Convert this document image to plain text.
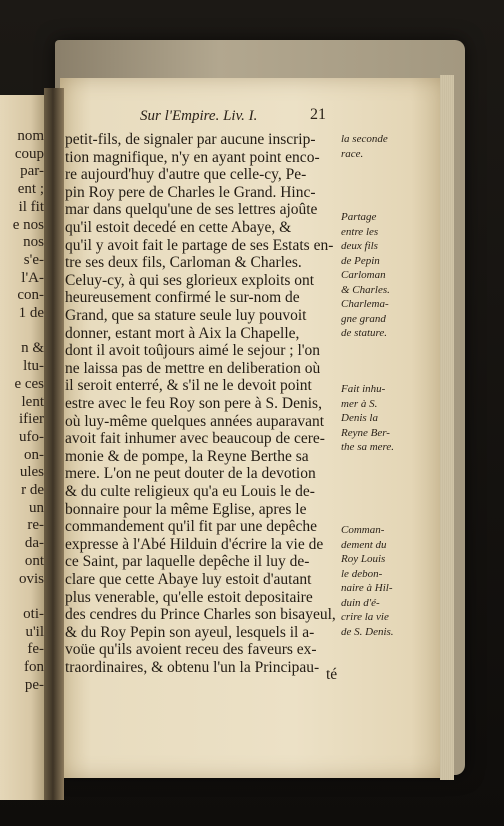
nom

coup

par-

ent ;

il fit

e nos

nos

s'e-

l'A-

con-

1 de

n &

ltu-

e ces

lent

ifier

ufo-

on-

ules

r de

un

re-

da-

ont

ovis

oti-

u'il

fe-

fon

pe-

Sur l'Empire. Liv. I.	21

petit-fils, de signaler par aucune inscrip-

tion magnifique, n'y en ayant point enco-

re aujourd'huy d'autre que celle-cy, Pe-

pin Roy pere de Charles le Grand. Hinc-

mar dans quelqu'une de ses lettres ajoûte

qu'il estoit decedé en cette Abaye, &

qu'il y avoit fait le partage de ses Estats en-

tre ses deux fils, Carloman & Charles.

Celuy-cy, à qui ses glorieux exploits ont

heureusement confirmé le sur-nom de

Grand, que sa stature seule luy pouvoit

donner, estant mort à Aix la Chapelle,

dont il avoit toûjours aimé le sejour ; l'on

ne laissa pas de mettre en deliberation où

il seroit enterré, & s'il ne le devoit point

estre avec le feu Roy son pere à S. Denis,

où luy-même quelques années auparavant

avoit fait inhumer avec beaucoup de cere-

monie & de pompe, la Reyne Berthe sa

mere. L'on ne peut douter de la devotion

& du culte religieux qu'a eu Louis le de-

bonnaire pour la même Eglise, apres le

commandement qu'il fit par une depêche

expresse à l'Abé Hilduin d'écrire la vie de

ce Saint, par laquelle depêche il luy de-

clare que cette Abaye luy estoit d'autant

plus venerable, qu'elle estoit depositaire

des cendres du Prince Charles son bisayeul,

& du Roy Pepin son ayeul, lesquels il a-

voüe qu'ils avoient receu des faveurs ex-

traordinaires, & obtenu l'un la Principau- té

la seconde

race.

Partage

entre les

deux fils

de Pepin

Carloman

& Charles.

Charlema-

gne grand

de stature.

Fait inhu-

mer à S.

Denis la

Reyne Ber-

the sa mere.

Comman-

dement du

Roy Louis

le debon-

naire à Hil-

duin d'é-

crire la vie

de S. Denis.
